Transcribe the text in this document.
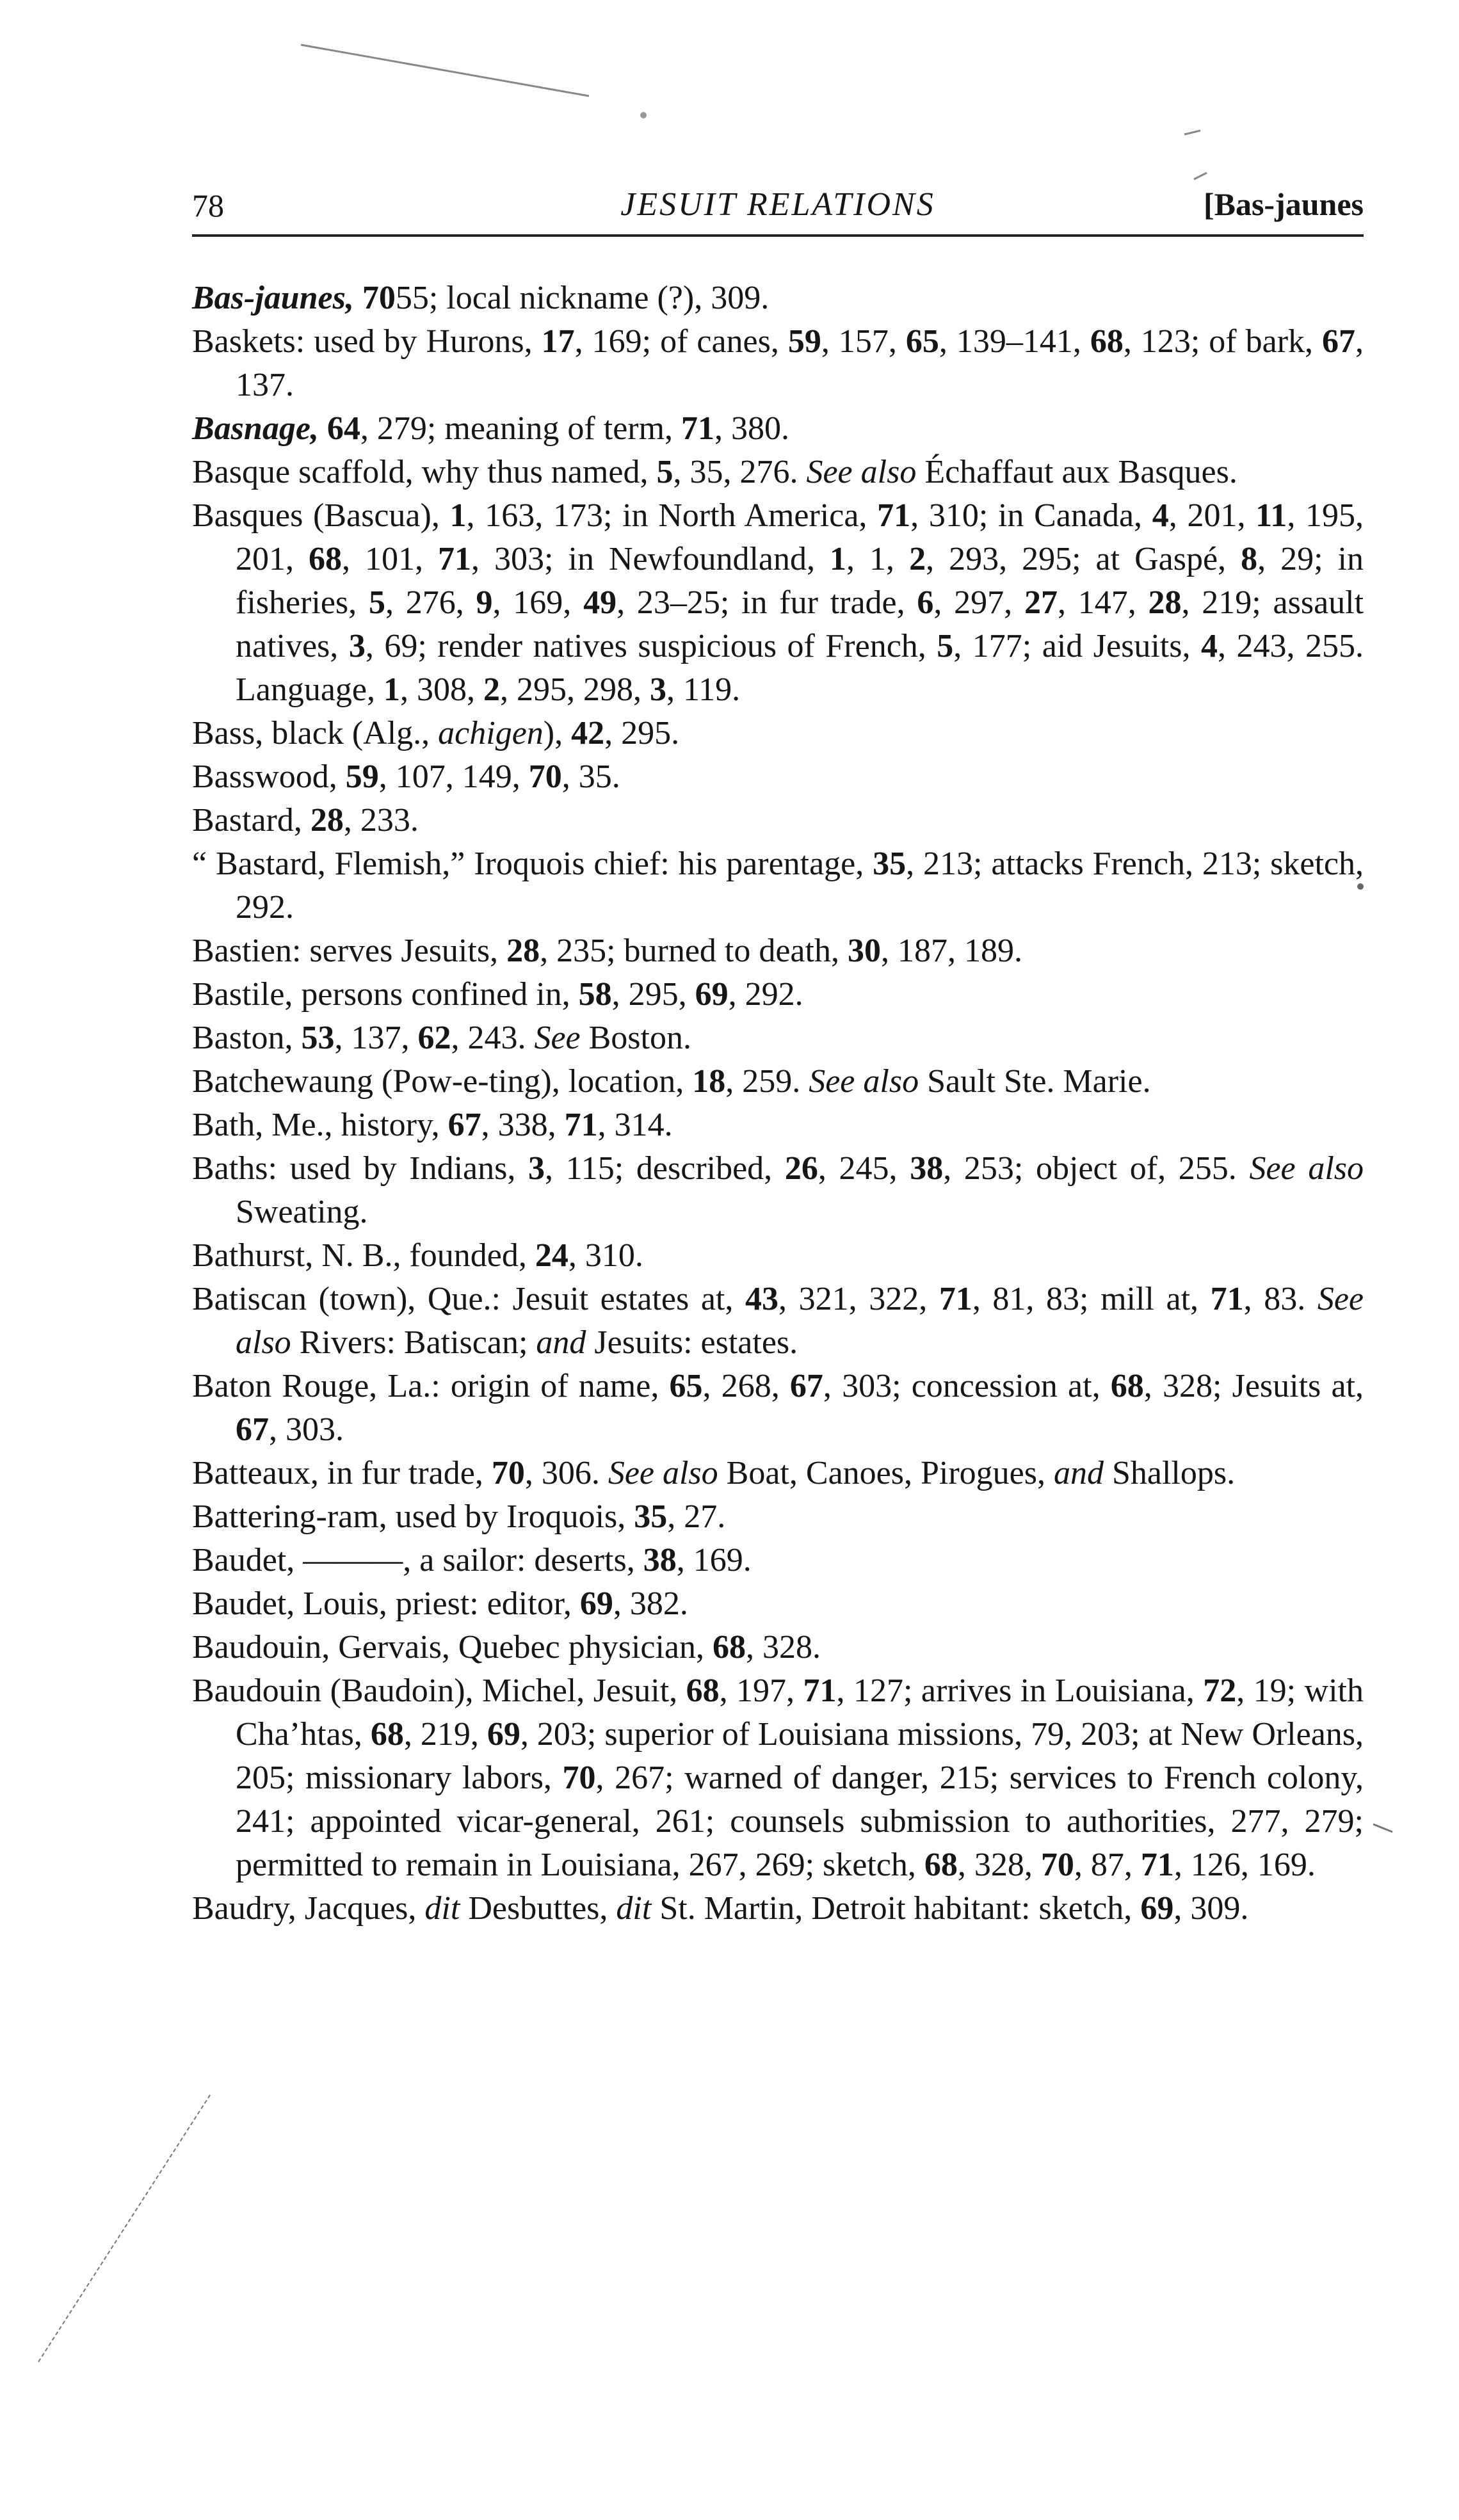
78	JESUIT RELATIONS	[Bas-jaunes

Bas-jaunes, 7055; local nickname (?), 309.

Baskets: used by Hurons, 17, 169; of canes, 59, 157, 65, 139–141, 68, 123; of bark, 67, 137.

Basnage, 64, 279; meaning of term, 71, 380.

Basque scaffold, why thus named, 5, 35, 276. See also Échaffaut aux Basques.

Basques (Bascua), 1, 163, 173; in North America, 71, 310; in Canada, 4, 201, 11, 195, 201, 68, 101, 71, 303; in Newfoundland, 1, 1, 2, 293, 295; at Gaspé, 8, 29; in fisheries, 5, 276, 9, 169, 49, 23–25; in fur trade, 6, 297, 27, 147, 28, 219; assault natives, 3, 69; render natives suspicious of French, 5, 177; aid Jesuits, 4, 243, 255. Language, 1, 308, 2, 295, 298, 3, 119.

Bass, black (Alg., achigen), 42, 295.

Basswood, 59, 107, 149, 70, 35.

Bastard, 28, 233.

“ Bastard, Flemish,” Iroquois chief: his parentage, 35, 213; attacks French, 213; sketch, 292.

Bastien: serves Jesuits, 28, 235; burned to death, 30, 187, 189.

Bastile, persons confined in, 58, 295, 69, 292.

Baston, 53, 137, 62, 243. See Boston.

Batchewaung (Pow-e-ting), location, 18, 259. See also Sault Ste. Marie.

Bath, Me., history, 67, 338, 71, 314.

Baths: used by Indians, 3, 115; described, 26, 245, 38, 253; object of, 255. See also Sweating.

Bathurst, N. B., founded, 24, 310.

Batiscan (town), Que.: Jesuit estates at, 43, 321, 322, 71, 81, 83; mill at, 71, 83. See also Rivers: Batiscan; and Jesuits: estates.

Baton Rouge, La.: origin of name, 65, 268, 67, 303; concession at, 68, 328; Jesuits at, 67, 303.

Batteaux, in fur trade, 70, 306. See also Boat, Canoes, Pirogues, and Shallops.

Battering-ram, used by Iroquois, 35, 27.

Baudet, ———, a sailor: deserts, 38, 169.

Baudet, Louis, priest: editor, 69, 382.

Baudouin, Gervais, Quebec physician, 68, 328.

Baudouin (Baudoin), Michel, Jesuit, 68, 197, 71, 127; arrives in Louisiana, 72, 19; with Cha’htas, 68, 219, 69, 203; superior of Louisiana missions, 79, 203; at New Orleans, 205; missionary labors, 70, 267; warned of danger, 215; services to French colony, 241; appointed vicar-general, 261; counsels submission to authorities, 277, 279; permitted to remain in Louisiana, 267, 269; sketch, 68, 328, 70, 87, 71, 126, 169.

Baudry, Jacques, dit Desbuttes, dit St. Martin, Detroit habitant: sketch, 69, 309.
